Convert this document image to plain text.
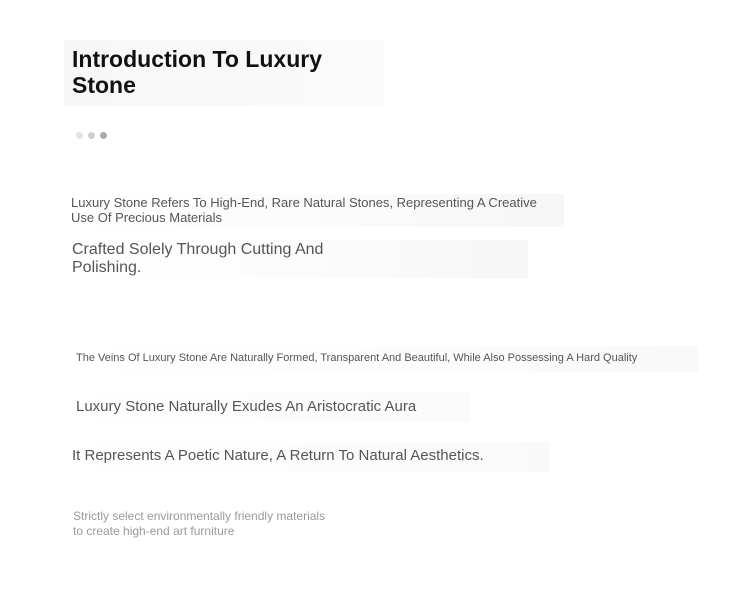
Introduction To Luxury Stone
Luxury Stone Refers To High-End, Rare Natural Stones, Representing A Creative Use Of Precious Materials
Crafted Solely Through Cutting And Polishing.
The Veins Of Luxury Stone Are Naturally Formed, Transparent And Beautiful, While Also Possessing A Hard Quality
Luxury Stone Naturally Exudes An Aristocratic Aura
It Represents A Poetic Nature, A Return To Natural Aesthetics.
Strictly select environmentally friendly materials
to create high-end art furniture
